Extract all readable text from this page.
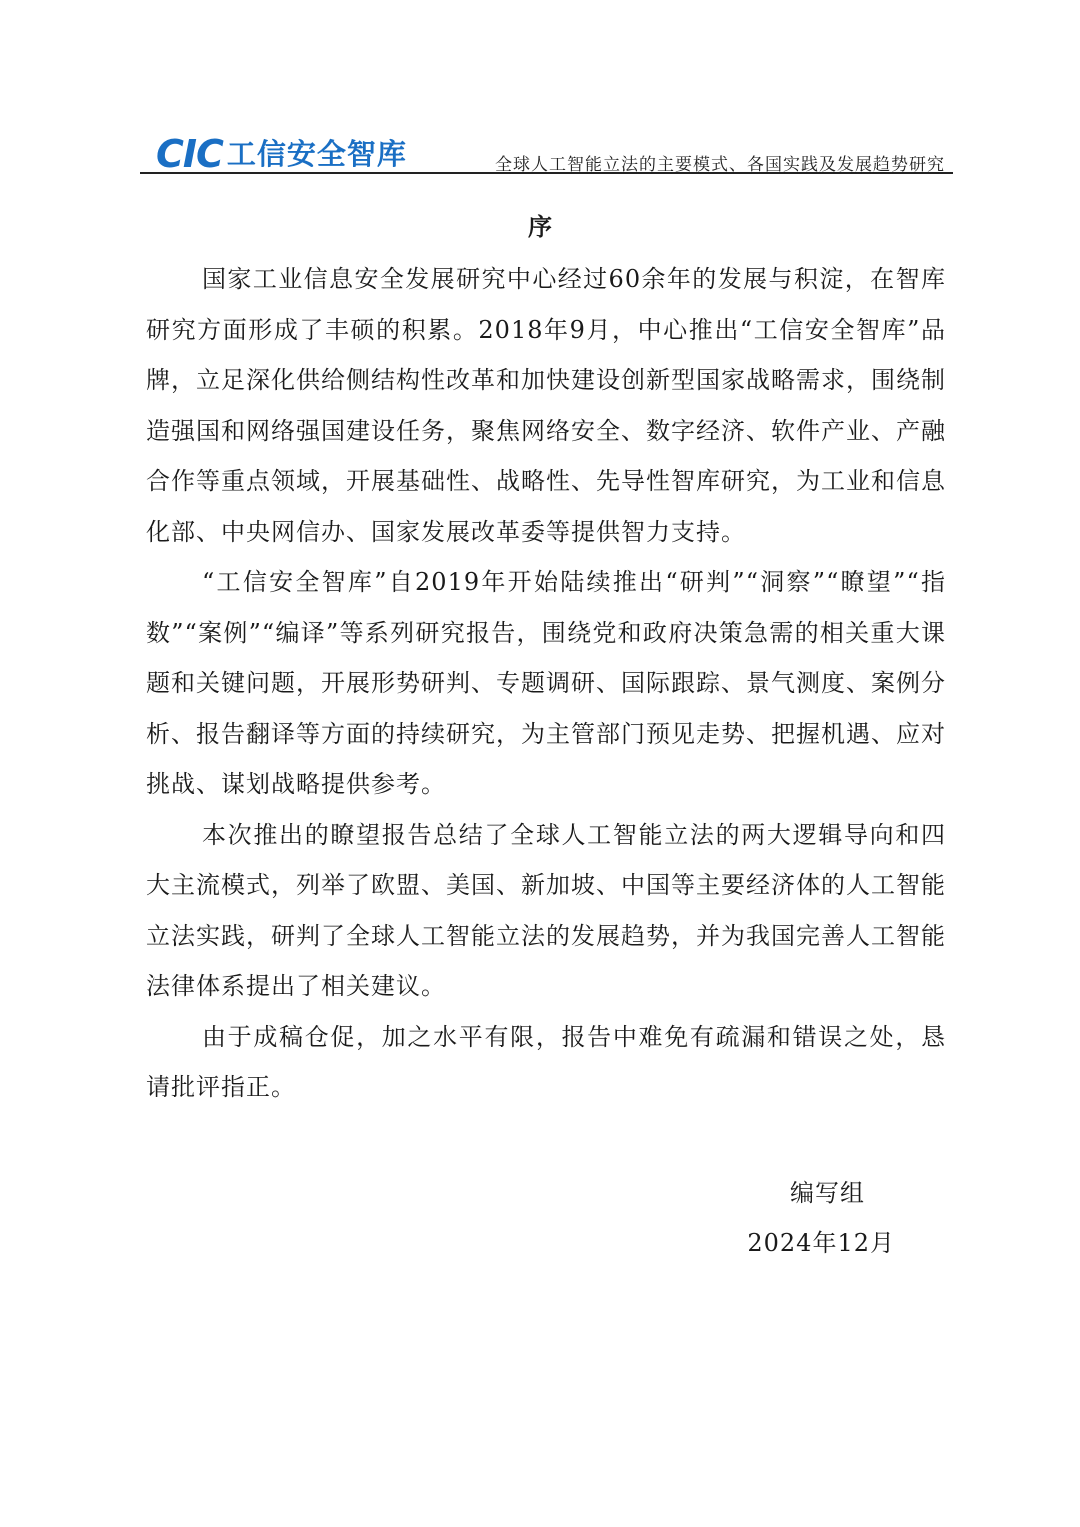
CIC 工信安全智库	全球人工智能立法的主要模式、各国实践及发展趋势研究
序

国家工业信息安全发展研究中心经过60余年的发展与积淀，在智库研究方面形成了丰硕的积累。2018年9月，中心推出“工信安全智库”品牌，立足深化供给侧结构性改革和加快建设创新型国家战略需求，围绕制造强国和网络强国建设任务，聚焦网络安全、数字经济、软件产业、产融合作等重点领域，开展基础性、战略性、先导性智库研究，为工业和信息化部、中央网信办、国家发展改革委等提供智力支持。

“工信安全智库”自2019年开始陆续推出“研判”“洞察”“瞭望”“指数”“案例”“编译”等系列研究报告，围绕党和政府决策急需的相关重大课题和关键问题，开展形势研判、专题调研、国际跟踪、景气测度、案例分析、报告翻译等方面的持续研究，为主管部门预见走势、把握机遇、应对挑战、谋划战略提供参考。

本次推出的瞭望报告总结了全球人工智能立法的两大逻辑导向和四大主流模式，列举了欧盟、美国、新加坡、中国等主要经济体的人工智能立法实践，研判了全球人工智能立法的发展趋势，并为我国完善人工智能法律体系提出了相关建议。

由于成稿仓促，加之水平有限，报告中难免有疏漏和错误之处，恳请批评指正。

编写组
2024年12月
